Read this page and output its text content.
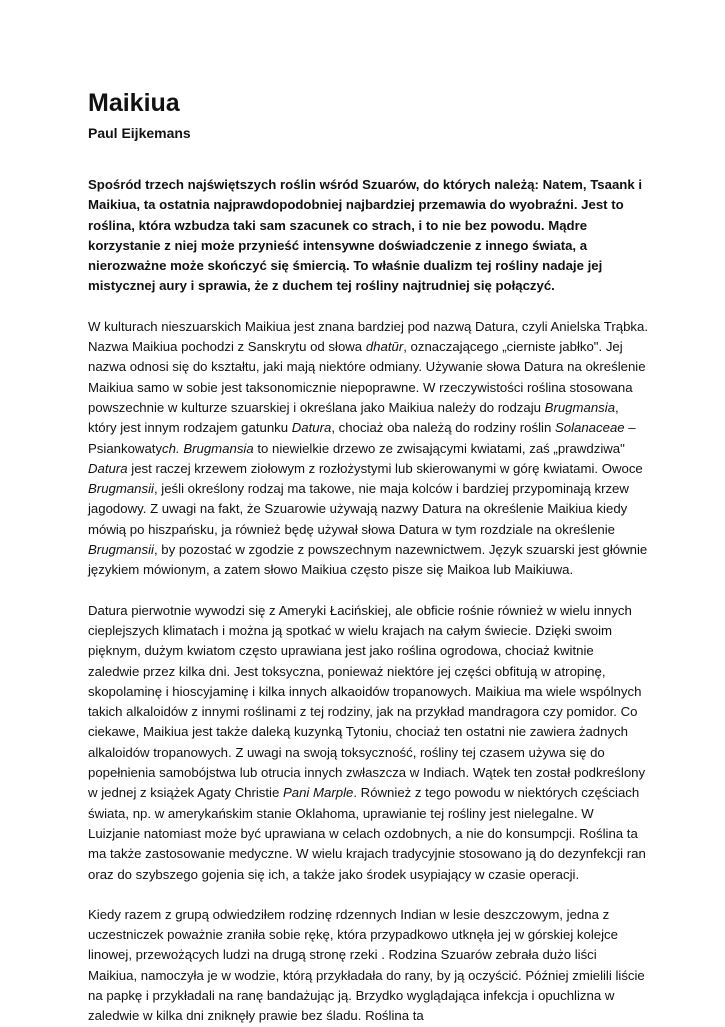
Maikiua
Paul Eijkemans

Spośród trzech najświętszych roślin wśród Szuarów, do których należą: Natem, Tsaank i Maikiua, ta ostatnia najprawdopodobniej najbardziej przemawia do wyobraźni. Jest to roślina, która wzbudza taki sam szacunek co strach, i to nie bez powodu. Mądre korzystanie z niej może przynieść intensywne doświadczenie z innego świata, a nierozważne może skończyć się śmiercią. To właśnie dualizm tej rośliny nadaje jej mistycznej aury i sprawia, że z duchem tej rośliny najtrudniej się połączyć.

W kulturach nieszuarskich Maikiua jest znana bardziej pod nazwą Datura, czyli Anielska Trąbka. Nazwa Maikiua pochodzi z Sanskrytu od słowa dhatūr, oznaczającego „cierniste jabłko". Jej nazwa odnosi się do kształtu, jaki mają niektóre odmiany. Używanie słowa Datura na określenie Maikiua samo w sobie jest taksonomicznie niepoprawne. W rzeczywistości roślina stosowana powszechnie w kulturze szuarskiej i określana jako Maikiua należy do rodzaju Brugmansia, który jest innym rodzajem gatunku Datura, chociaż oba należą do rodziny roślin Solanaceae – Psiankowatych. Brugmansia to niewielkie drzewo ze zwisającymi kwiatami, zaś „prawdziwa" Datura jest raczej krzewem ziołowym z rozłożystymi lub skierowanymi w górę kwiatami. Owoce Brugmansii, jeśli określony rodzaj ma takowe, nie maja kolców i bardziej przypominają krzew jagodowy. Z uwagi na fakt, że Szuarowie używają nazwy Datura na określenie Maikiua kiedy mówią po hiszpańsku, ja również będę używał słowa Datura w tym rozdziale na określenie Brugmansii, by pozostać w zgodzie z powszechnym nazewnictwem. Język szuarski jest głównie językiem mówionym, a zatem słowo Maikiua często pisze się Maikoa lub Maikiuwa.

Datura pierwotnie wywodzi się z Ameryki Łacińskiej, ale obficie rośnie również w wielu innych cieplejszych klimatach i można ją spotkać w wielu krajach na całym świecie. Dzięki swoim pięknym, dużym kwiatom często uprawiana jest jako roślina ogrodowa, chociaż kwitnie zaledwie przez kilka dni. Jest toksyczna, ponieważ niektóre jej części obfitują w atropinę, skopolaminę i hioscyjaminę i kilka innych alkaoidów tropanowych. Maikiua ma wiele wspólnych takich alkaloidów z innymi roślinami z tej rodziny, jak na przykład mandragora czy pomidor. Co ciekawe, Maikiua jest także daleką kuzynką Tytoniu, chociaż ten ostatni nie zawiera żadnych alkaloidów tropanowych. Z uwagi na swoją toksyczność, rośliny tej czasem używa się do popełnienia samobójstwa lub otrucia innych zwłaszcza w Indiach. Wątek ten został podkreślony w jednej z książek Agaty Christie Pani Marple. Również z tego powodu w niektórych częściach świata, np. w amerykańskim stanie Oklahoma, uprawianie tej rośliny jest nielegalne. W Luizjanie natomiast może być uprawiana w celach ozdobnych, a nie do konsumpcji. Roślina ta ma także zastosowanie medyczne. W wielu krajach tradycyjnie stosowano ją do dezynfekcji ran oraz do szybszego gojenia się ich, a także jako środek usypiający w czasie operacji.

Kiedy razem z grupą odwiedziłem rodzinę rdzennych Indian w lesie deszczowym, jedna z uczestniczek poważnie zraniła sobie rękę, która przypadkowo utknęła jej w górskiej kolejce linowej, przewożących ludzi na drugą stronę rzeki . Rodzina Szuarów zebrała dużo liści Maikiua, namoczyła je w wodzie, którą przykładała do rany, by ją oczyścić. Później zmielili liście na papkę i przykładali na ranę bandażując ją. Brzydko wyglądająca infekcja i opuchlizna w zaledwie w kilka dni zniknęły prawie bez śladu. Roślina ta
